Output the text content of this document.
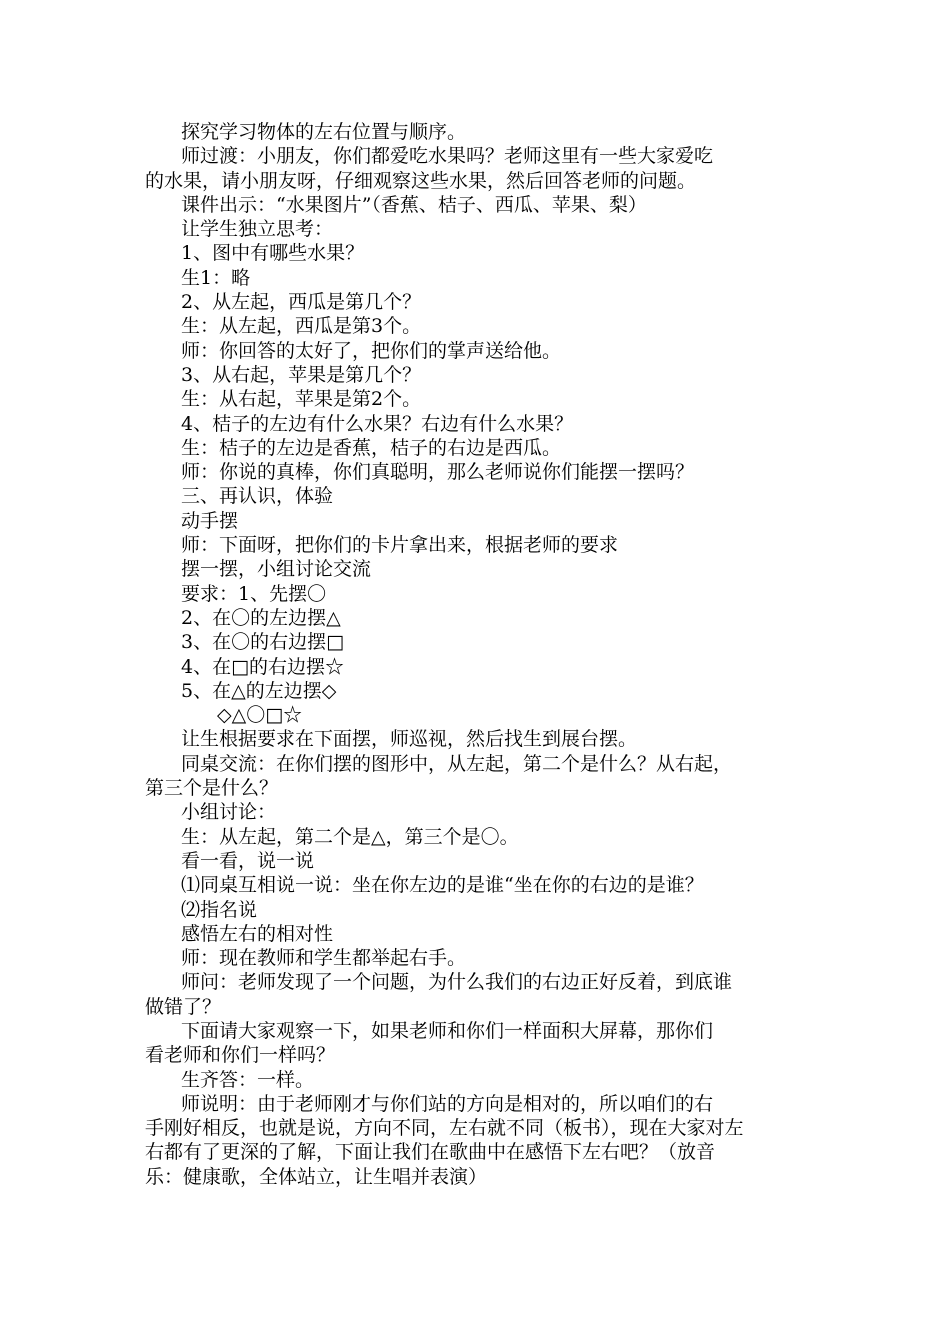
探究学习物体的左右位置与顺序。
师过渡：小朋友，你们都爱吃水果吗？老师这里有一些大家爱吃
的水果，请小朋友呀，仔细观察这些水果，然后回答老师的问题。
课件出示：“水果图片”（香蕉、桔子、西瓜、苹果、梨）
让学生独立思考：
1、图中有哪些水果？
生1：略
2、从左起，西瓜是第几个？
生：从左起，西瓜是第3个。
师：你回答的太好了，把你们的掌声送给他。
3、从右起，苹果是第几个？
生：从右起，苹果是第2个。
4、桔子的左边有什么水果？右边有什么水果？
生：桔子的左边是香蕉，桔子的右边是西瓜。
师：你说的真棒，你们真聪明，那么老师说你们能摆一摆吗？
三、再认识，体验
动手摆
师：下面呀，把你们的卡片拿出来，根据老师的要求
摆一摆，小组讨论交流
要求：1、先摆〇
2、在〇的左边摆△
3、在〇的右边摆□
4、在□的右边摆☆
5、在△的左边摆◇
◇△〇□☆
让生根据要求在下面摆，师巡视，然后找生到展台摆。
同桌交流：在你们摆的图形中，从左起，第二个是什么？从右起，
第三个是什么？
小组讨论：
生：从左起，第二个是△，第三个是〇。
看一看，说一说
⑴同桌互相说一说：坐在你左边的是谁“坐在你的右边的是谁？
⑵指名说
感悟左右的相对性
师：现在教师和学生都举起右手。
师问：老师发现了一个问题，为什么我们的右边正好反着，到底谁
做错了？
下面请大家观察一下，如果老师和你们一样面积大屏幕，那你们
看老师和你们一样吗？
生齐答：一样。
师说明：由于老师刚才与你们站的方向是相对的，所以咱们的右
手刚好相反，也就是说，方向不同，左右就不同（板书），现在大家对左
右都有了更深的了解，下面让我们在歌曲中在感悟下左右吧？（放音
乐：健康歌，全体站立，让生唱并表演）
